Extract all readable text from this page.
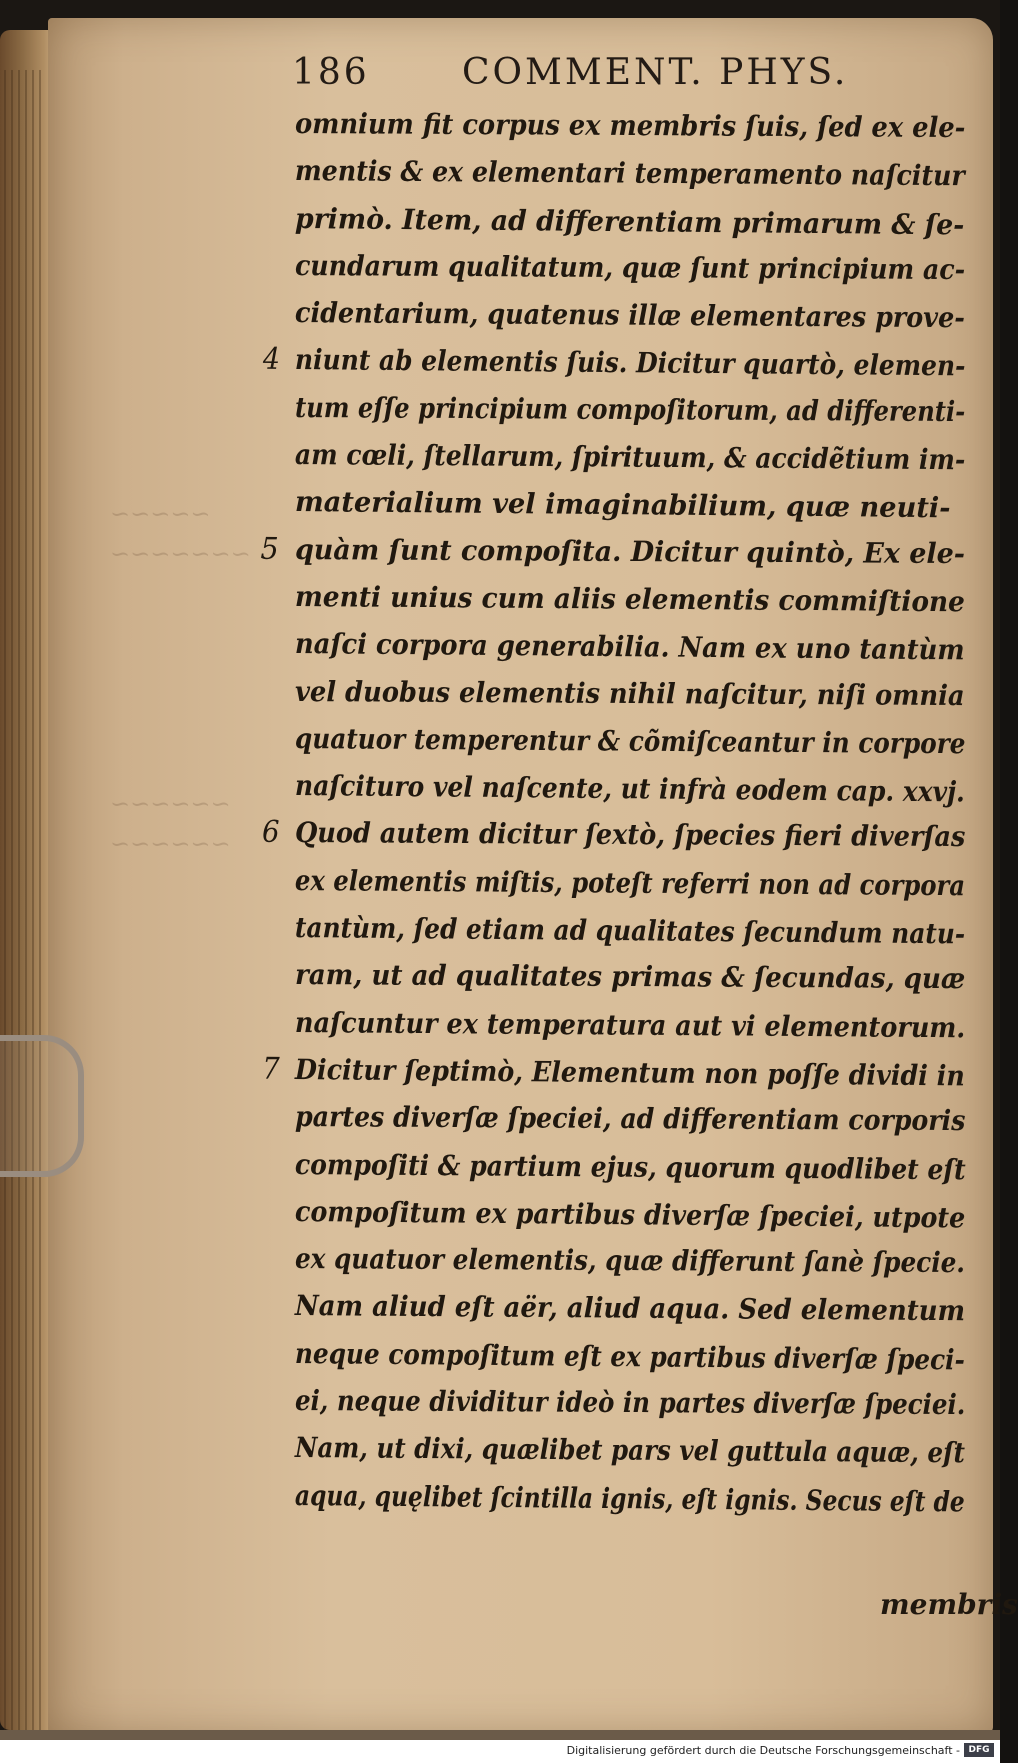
~~~~~
~~~~~~~
~~~~~~
~~~~~~
186	COMMENT. PHYS.
omnium fit corpus ex membris ſuis, ſed ex ele-
mentis & ex elementari temperamento naſcitur
primò. Item, ad differentiam primarum & ſe-
cundarum qualitatum, quæ ſunt principium ac-
cidentarium, quatenus illæ elementares prove-
4 niunt ab elementis ſuis. Dicitur quartò, elemen-
tum eſſe principium compoſitorum, ad differenti-
am cœli, ſtellarum, ſpirituum, & accidẽtium im-
materialium vel imaginabilium, quæ neuti-
5 quàm ſunt compoſita. Dicitur quintò, Ex ele-
menti unius cum aliis elementis commiſtione
naſci corpora generabilia. Nam ex uno tantùm
vel duobus elementis nihil naſcitur, niſi omnia
quatuor temperentur & cõmiſceantur in corpore
naſcituro vel naſcente, ut infrà eodem cap. xxvj.
6 Quod autem dicitur ſextò, ſpecies fieri diverſas
ex elementis miſtis, poteſt referri non ad corpora
tantùm, ſed etiam ad qualitates ſecundum natu-
ram, ut ad qualitates primas & ſecundas, quæ
naſcuntur ex temperatura aut vi elementorum.
7 Dicitur ſeptimò, Elementum non poſſe dividi in
partes diverſæ ſpeciei, ad differentiam corporis
compoſiti & partium ejus, quorum quodlibet eſt
compoſitum ex partibus diverſæ ſpeciei, utpote
ex quatuor elementis, quæ differunt ſanè ſpecie.
Nam aliud eſt aër, aliud aqua. Sed elementum
neque compoſitum eſt ex partibus diverſæ ſpeci-
ei, neque dividitur ideò in partes diverſæ ſpeciei.
Nam, ut dixi, quælibet pars vel guttula aquæ, eſt
aqua, quęlibet ſcintilla ignis, eſt ignis. Secus eſt de
membris
Digitalisierung gefördert durch die Deutsche Forschungsgemeinschaft - DFG
